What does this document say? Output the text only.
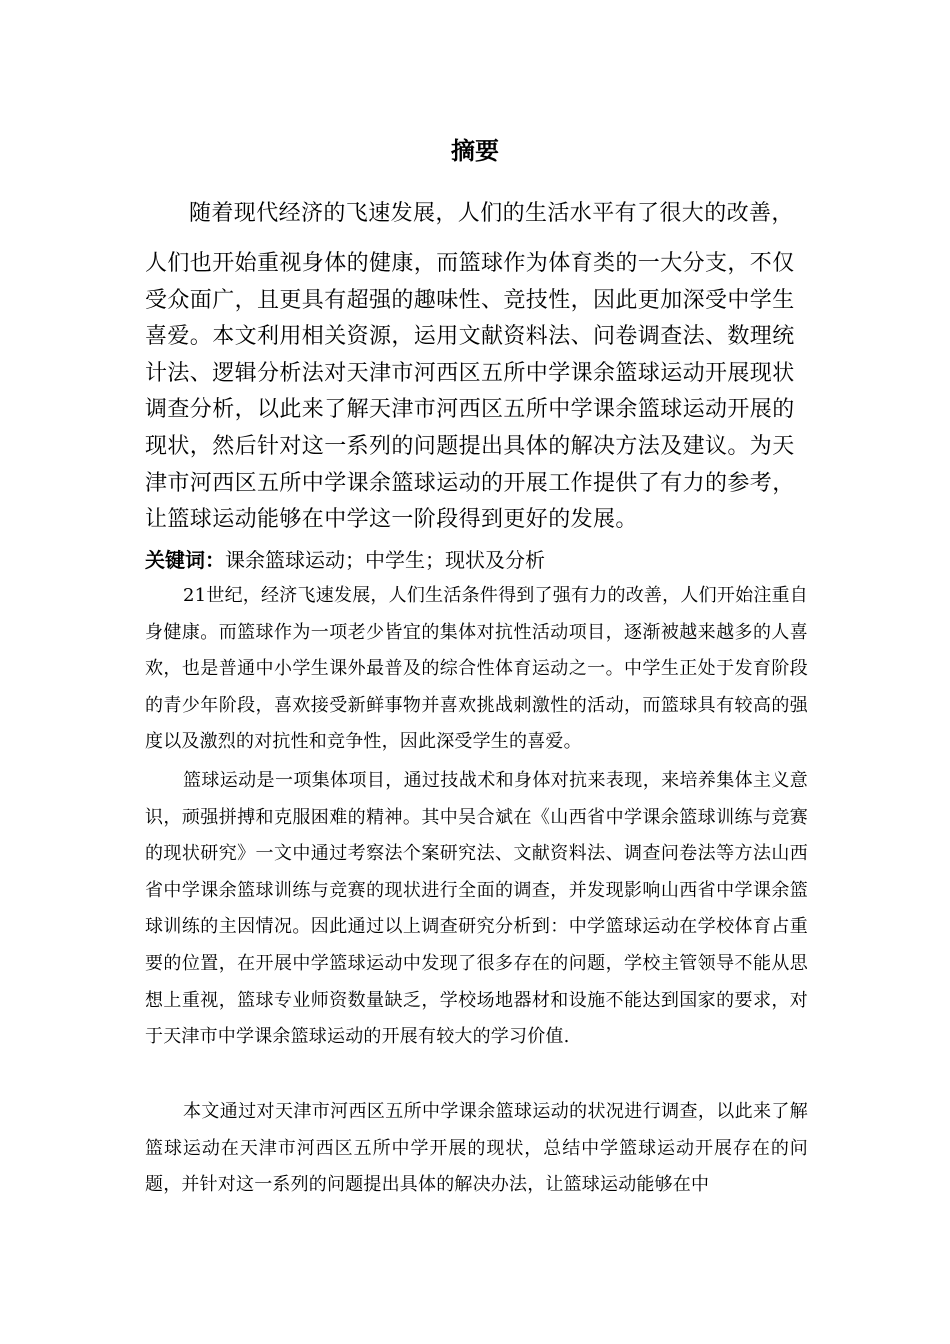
摘要
随着现代经济的飞速发展，人们的生活水平有了很大的改善，
人们也开始重视身体的健康，而篮球作为体育类的一大分支，不仅受众面广，且更具有超强的趣味性、竞技性，因此更加深受中学生喜爱。本文利用相关资源，运用文献资料法、问卷调查法、数理统计法、逻辑分析法对天津市河西区五所中学课余篮球运动开展现状调查分析，以此来了解天津市河西区五所中学课余篮球运动开展的现状，然后针对这一系列的问题提出具体的解决方法及建议。为天津市河西区五所中学课余篮球运动的开展工作提供了有力的参考，让篮球运动能够在中学这一阶段得到更好的发展。
关键词：课余篮球运动；中学生；现状及分析
21世纪，经济飞速发展，人们生活条件得到了强有力的改善，人们开始注重自身健康。而篮球作为一项老少皆宜的集体对抗性活动项目，逐渐被越来越多的人喜欢，也是普通中小学生课外最普及的综合性体育运动之一。中学生正处于发育阶段的青少年阶段，喜欢接受新鲜事物并喜欢挑战刺激性的活动，而篮球具有较高的强度以及激烈的对抗性和竞争性，因此深受学生的喜爱。
篮球运动是一项集体项目，通过技战术和身体对抗来表现，来培养集体主义意识，顽强拼搏和克服困难的精神。其中吴合斌在《山西省中学课余篮球训练与竞赛的现状研究》一文中通过考察法个案研究法、文献资料法、调查问卷法等方法山西省中学课余篮球训练与竞赛的现状进行全面的调查，并发现影响山西省中学课余篮球训练的主因情况。因此通过以上调查研究分析到：中学篮球运动在学校体育占重要的位置，在开展中学篮球运动中发现了很多存在的问题，学校主管领导不能从思想上重视，篮球专业师资数量缺乏，学校场地器材和设施不能达到国家的要求，对于天津市中学课余篮球运动的开展有较大的学习价值.
本文通过对天津市河西区五所中学课余篮球运动的状况进行调查，以此来了解篮球运动在天津市河西区五所中学开展的现状，总结中学篮球运动开展存在的问题，并针对这一系列的问题提出具体的解决办法，让篮球运动能够在中
